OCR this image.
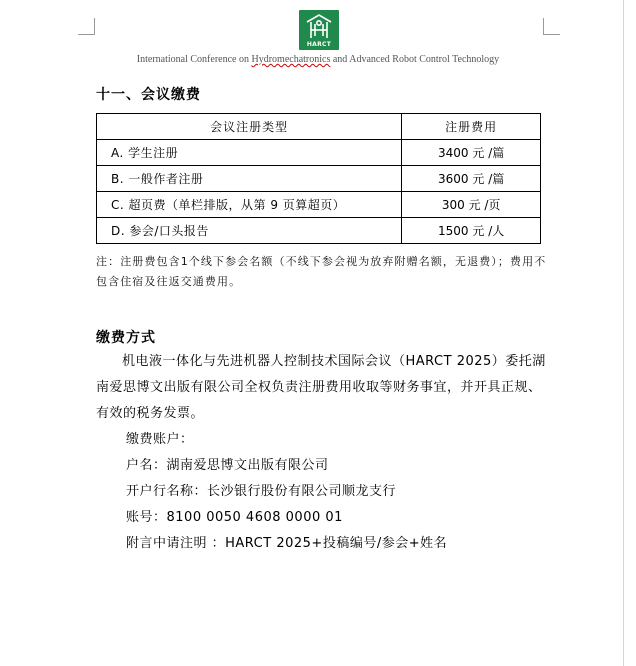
HARCT
International Conference on Hydromechatronics and Advanced Robot Control Technology
十一、会议缴费
会议注册类型	注册费用
A. 学生注册	3400 元 /篇
B. 一般作者注册	3600 元 /篇
C. 超页费（单栏排版，从第 9 页算超页）	300 元 /页
D. 参会/口头报告	1500 元 /人
注：注册费包含1个线下参会名额（不线下参会视为放弃附赠名额，无退费）；费用不包含住宿及往返交通费用。
缴费方式
机电液一体化与先进机器人控制技术国际会议（HARCT 2025）委托湖南爱思博文出版有限公司全权负责注册费用收取等财务事宜，并开具正规、有效的税务发票。
缴费账户：
户名：湖南爱思博文出版有限公司
开户行名称：长沙银行股份有限公司顺龙支行
账号：8100 0050 4608 0000 01
附言中请注明 ：HARCT 2025+投稿编号/参会+姓名
